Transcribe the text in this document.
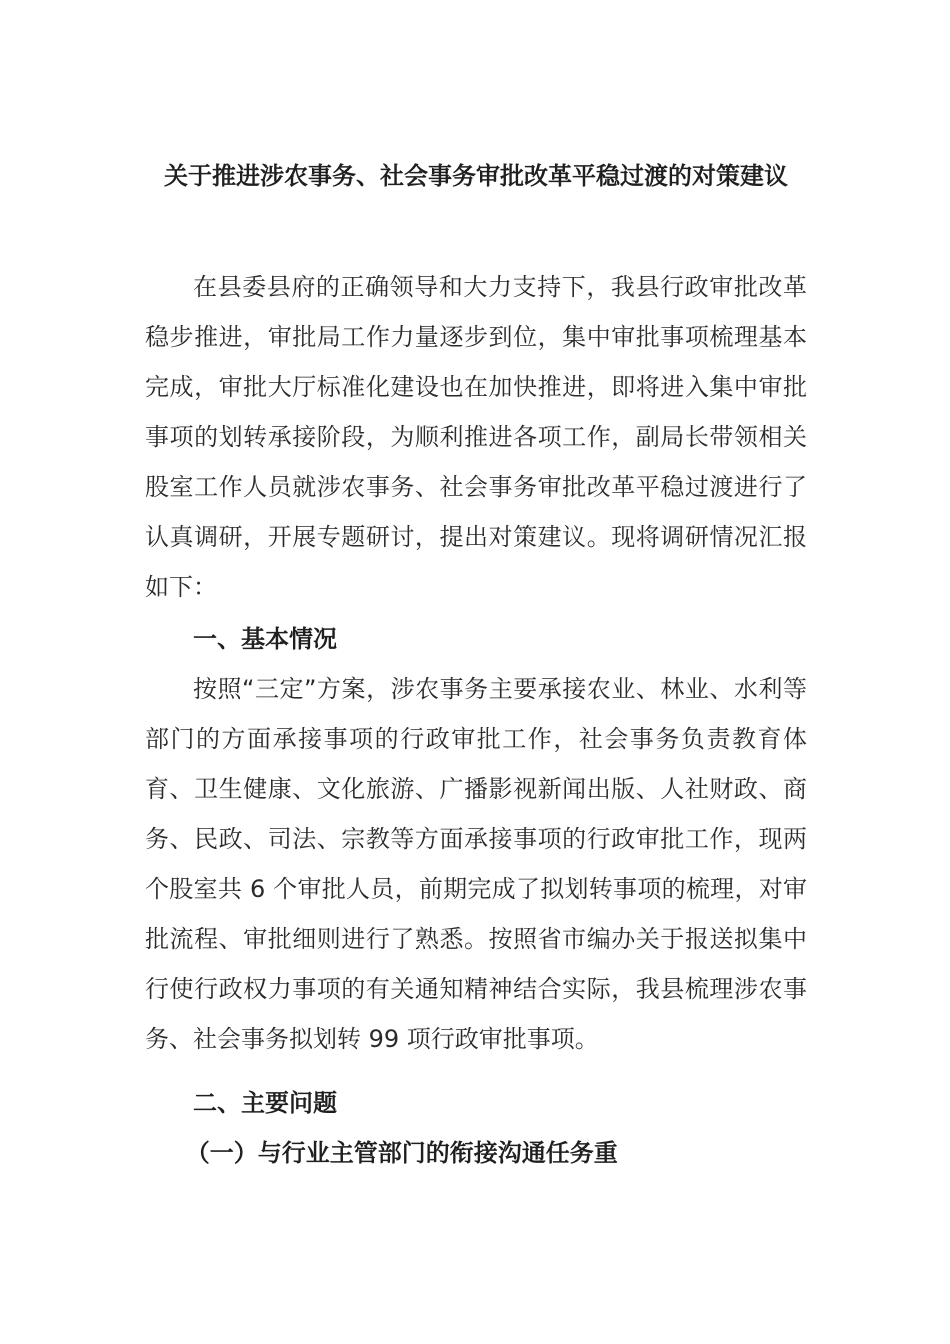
关于推进涉农事务、社会事务审批改革平稳过渡的对策建议

在县委县府的正确领导和大力支持下，我县行政审批改革稳步推进，审批局工作力量逐步到位，集中审批事项梳理基本完成，审批大厅标准化建设也在加快推进，即将进入集中审批事项的划转承接阶段，为顺利推进各项工作，副局长带领相关股室工作人员就涉农事务、社会事务审批改革平稳过渡进行了认真调研，开展专题研讨，提出对策建议。现将调研情况汇报如下：

一、基本情况

按照“三定”方案，涉农事务主要承接农业、林业、水利等部门的方面承接事项的行政审批工作，社会事务负责教育体育、卫生健康、文化旅游、广播影视新闻出版、人社财政、商务、民政、司法、宗教等方面承接事项的行政审批工作，现两个股室共 6 个审批人员，前期完成了拟划转事项的梳理，对审批流程、审批细则进行了熟悉。按照省市编办关于报送拟集中行使行政权力事项的有关通知精神结合实际，我县梳理涉农事务、社会事务拟划转 99 项行政审批事项。

二、主要问题

（一）与行业主管部门的衔接沟通任务重
